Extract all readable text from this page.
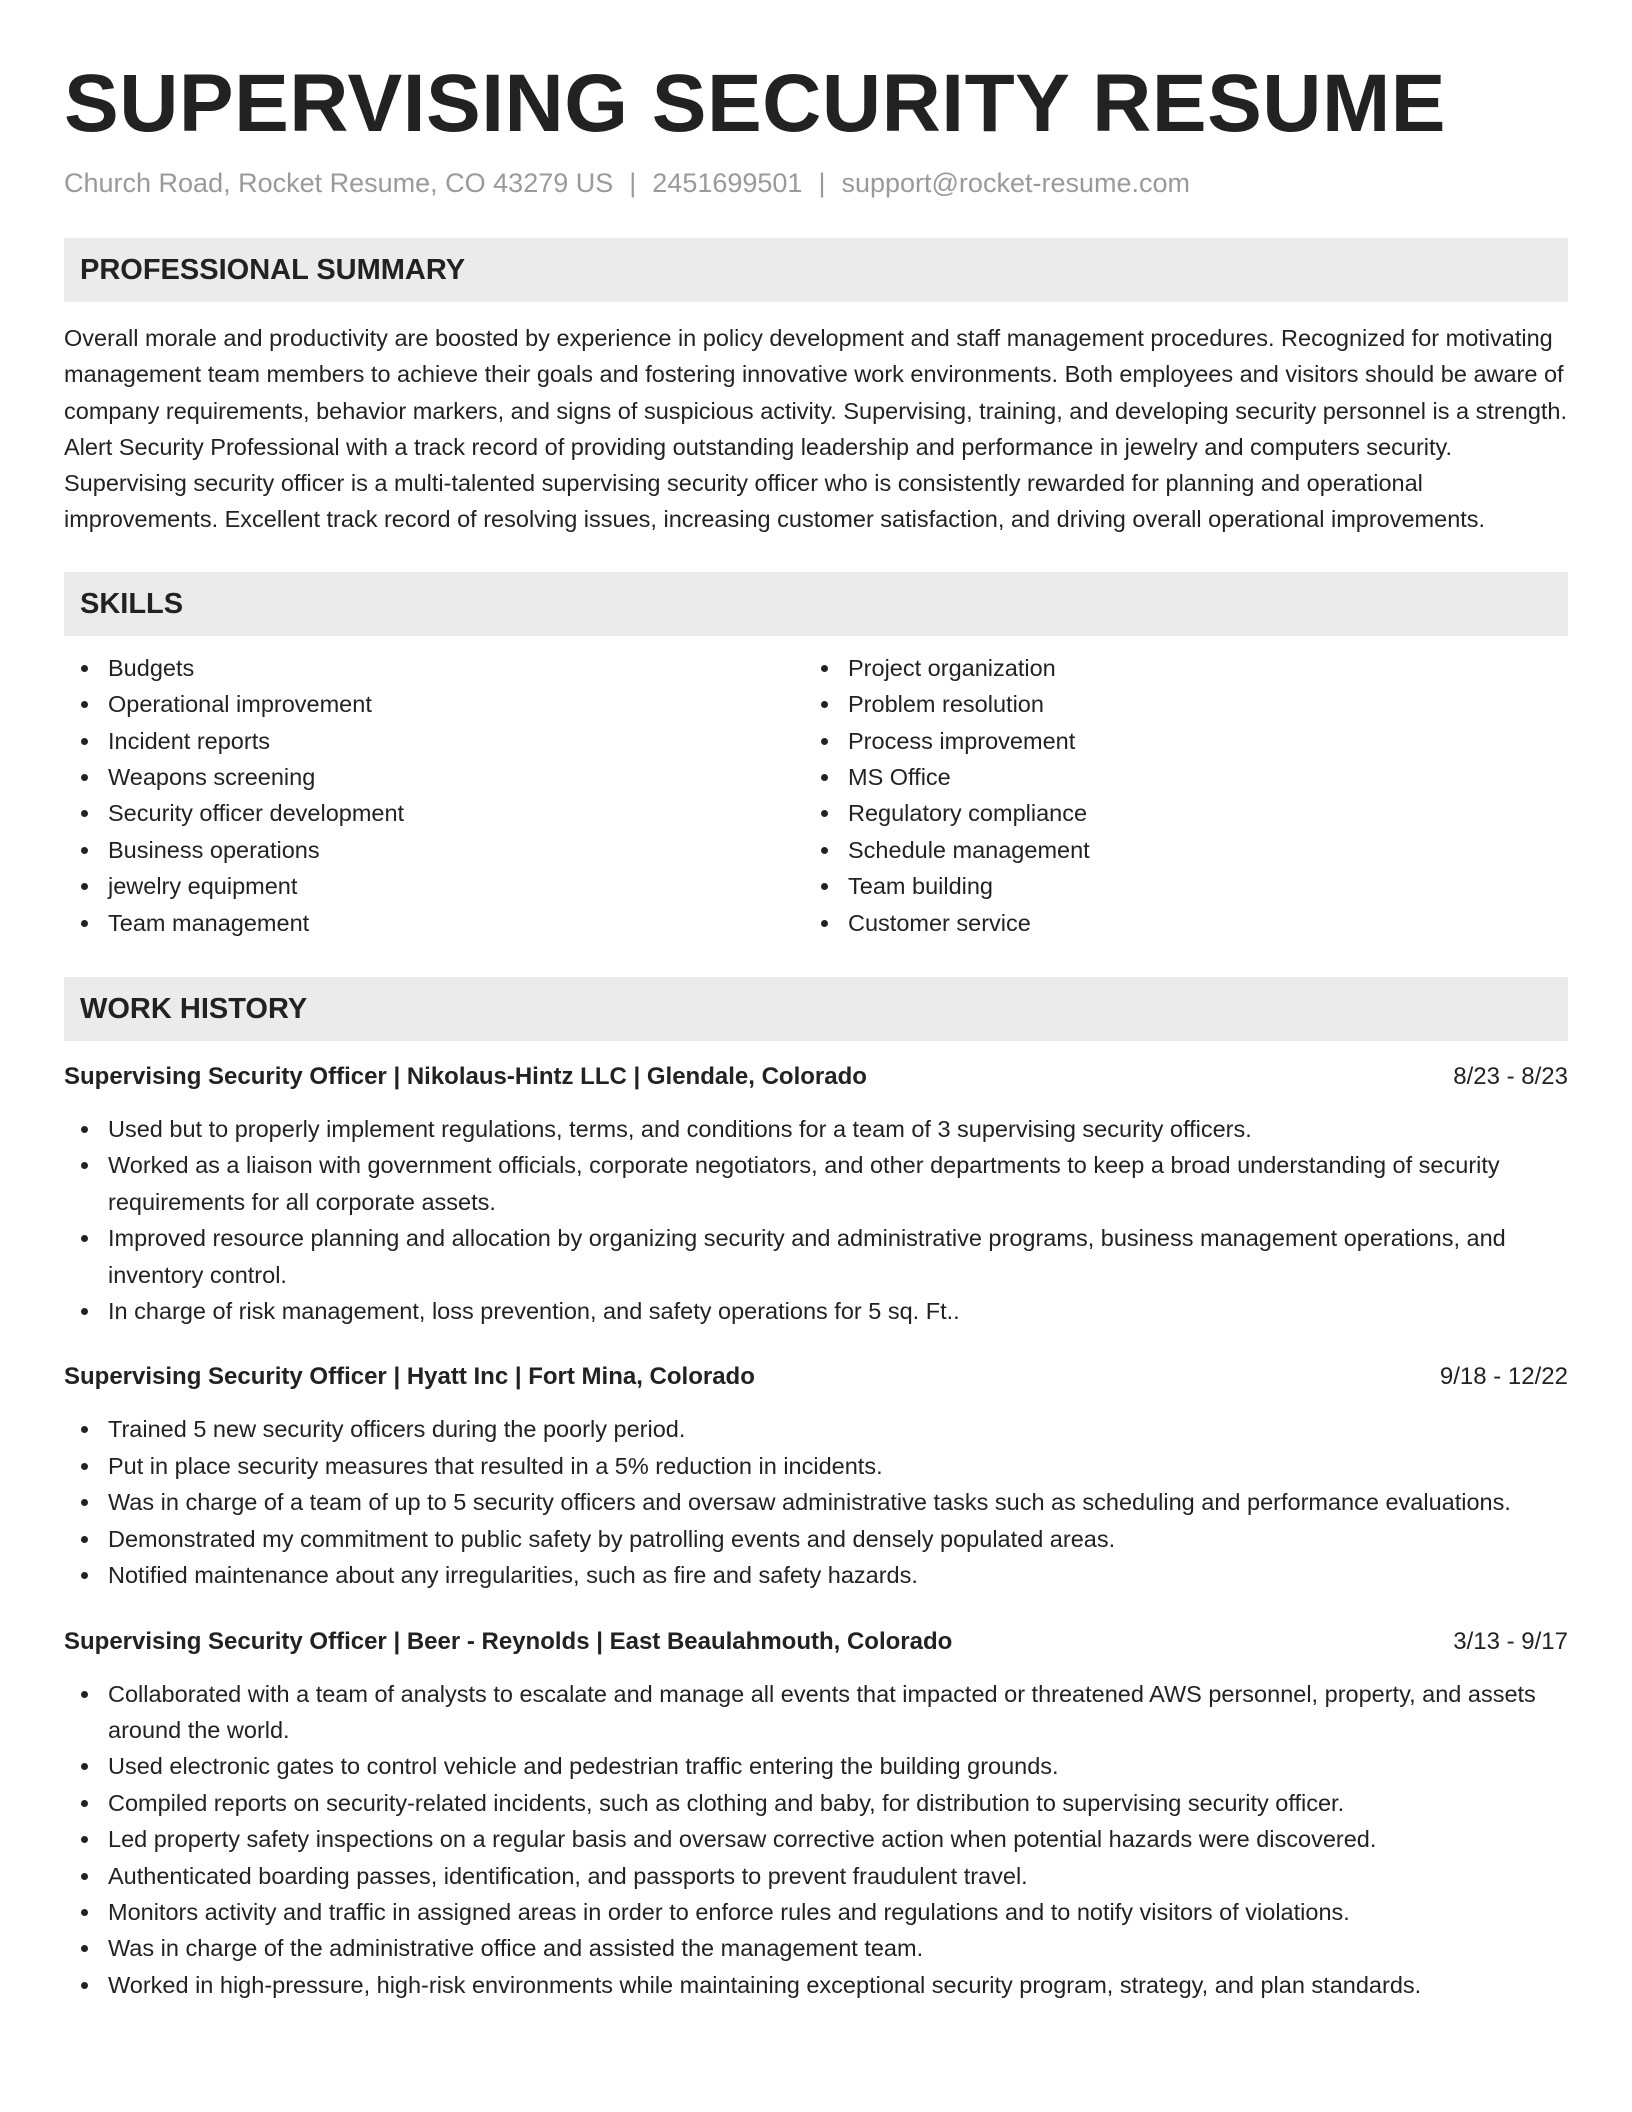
SUPERVISING SECURITY RESUME
Church Road, Rocket Resume, CO 43279 US | 2451699501 | support@rocket-resume.com
PROFESSIONAL SUMMARY

Overall morale and productivity are boosted by experience in policy development and staff management procedures. Recognized for motivating management team members to achieve their goals and fostering innovative work environments. Both employees and visitors should be aware of company requirements, behavior markers, and signs of suspicious activity. Supervising, training, and developing security personnel is a strength. Alert Security Professional with a track record of providing outstanding leadership and performance in jewelry and computers security. Supervising security officer is a multi-talented supervising security officer who is consistently rewarded for planning and operational improvements. Excellent track record of resolving issues, increasing customer satisfaction, and driving overall operational improvements.

SKILLS
Budgets
Operational improvement
Incident reports
Weapons screening
Security officer development
Business operations
jewelry equipment
Team management
Project organization
Problem resolution
Process improvement
MS Office
Regulatory compliance
Schedule management
Team building
Customer service
WORK HISTORY
Supervising Security Officer | Nikolaus-Hintz LLC | Glendale, Colorado	8/23 - 8/23
Used but to properly implement regulations, terms, and conditions for a team of 3 supervising security officers.
Worked as a liaison with government officials, corporate negotiators, and other departments to keep a broad understanding of security requirements for all corporate assets.
Improved resource planning and allocation by organizing security and administrative programs, business management operations, and inventory control.
In charge of risk management, loss prevention, and safety operations for 5 sq. Ft..
Supervising Security Officer | Hyatt Inc | Fort Mina, Colorado	9/18 - 12/22
Trained 5 new security officers during the poorly period.
Put in place security measures that resulted in a 5% reduction in incidents.
Was in charge of a team of up to 5 security officers and oversaw administrative tasks such as scheduling and performance evaluations.
Demonstrated my commitment to public safety by patrolling events and densely populated areas.
Notified maintenance about any irregularities, such as fire and safety hazards.
Supervising Security Officer | Beer - Reynolds | East Beaulahmouth, Colorado	3/13 - 9/17
Collaborated with a team of analysts to escalate and manage all events that impacted or threatened AWS personnel, property, and assets around the world.
Used electronic gates to control vehicle and pedestrian traffic entering the building grounds.
Compiled reports on security-related incidents, such as clothing and baby, for distribution to supervising security officer.
Led property safety inspections on a regular basis and oversaw corrective action when potential hazards were discovered.
Authenticated boarding passes, identification, and passports to prevent fraudulent travel.
Monitors activity and traffic in assigned areas in order to enforce rules and regulations and to notify visitors of violations.
Was in charge of the administrative office and assisted the management team.
Worked in high-pressure, high-risk environments while maintaining exceptional security program, strategy, and plan standards.
